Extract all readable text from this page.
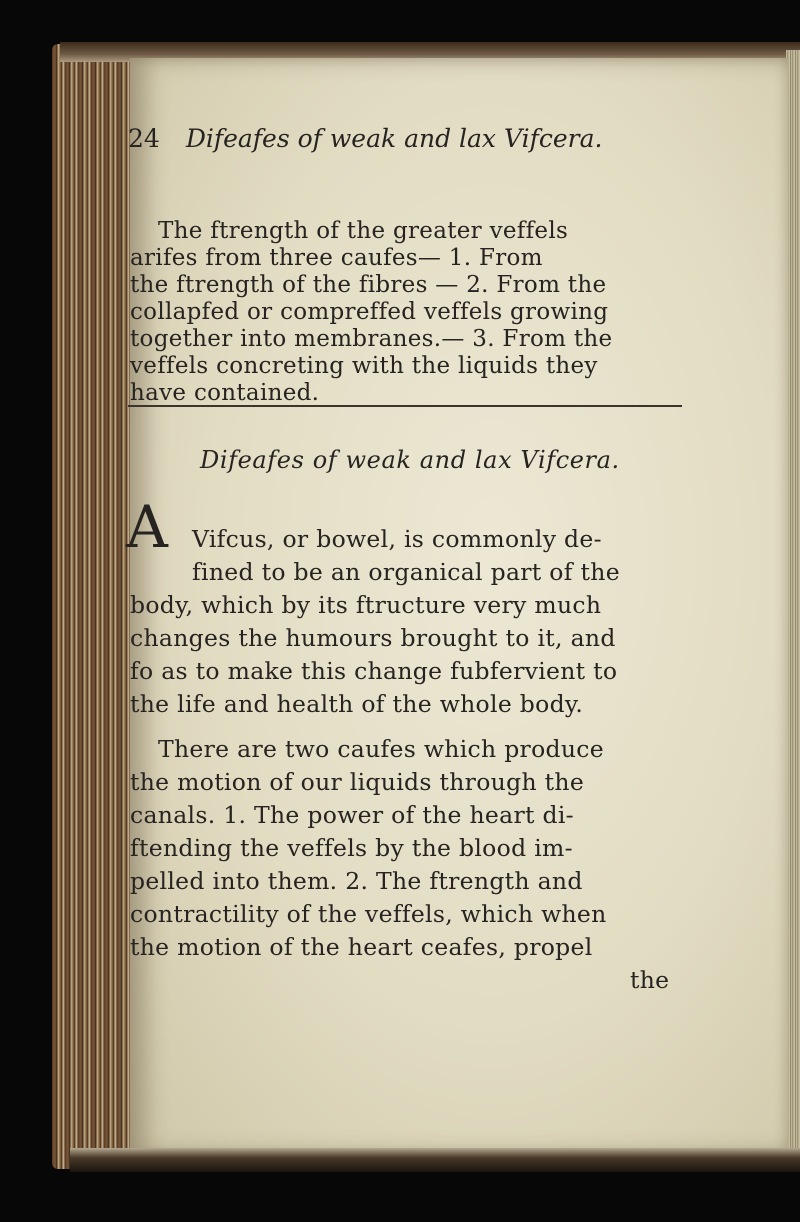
24 Difeafes of weak and lax Vifcera.

The ftrength of the greater veffels

arifes from three caufes— 1. From

the ftrength of the fibres — 2. From the

collapfed or compreffed veffels growing

together into membranes.— 3. From the

Difeafes of weak and lax Vifcera.

A Vifcus, or bowel, is commonly de-

fined to be an organical part of the

body, which by its ftructure very much

changes the humours brought to it, and

fo as to make this change fubfervient to

the life and health of the whole body.

There are two caufes which produce

the motion of our liquids through the

canals. 1. The power of the heart di-

ftending the veffels by the blood im-

pelled into them. 2. The ftrength and

contractility of the veffels, which when

the motion of the heart ceafes, propel

the

veffels concreting with the liquids they

have contained.
